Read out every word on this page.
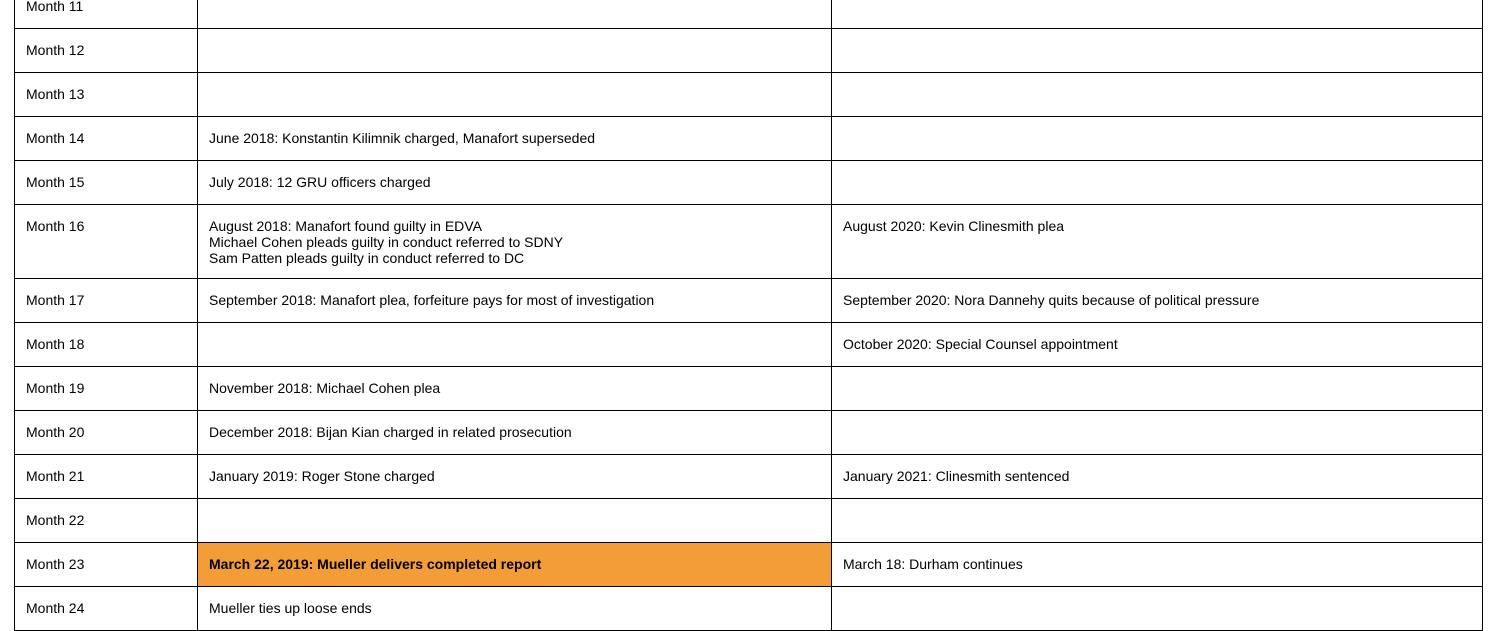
Month 11		
Month 12		
Month 13		
Month 14	June 2018: Konstantin Kilimnik charged, Manafort superseded	
Month 15	July 2018: 12 GRU officers charged	
Month 16	August 2018: Manafort found guilty in EDVA
Michael Cohen pleads guilty in conduct referred to SDNY
Sam Patten pleads guilty in conduct referred to DC	August 2020: Kevin Clinesmith plea
Month 17	September 2018: Manafort plea, forfeiture pays for most of investigation	September 2020: Nora Dannehy quits because of political pressure
Month 18		October 2020: Special Counsel appointment
Month 19	November 2018: Michael Cohen plea	
Month 20	December 2018: Bijan Kian charged in related prosecution	
Month 21	January 2019: Roger Stone charged	January 2021: Clinesmith sentenced
Month 22		
Month 23	March 22, 2019: Mueller delivers completed report	March 18: Durham continues
Month 24	Mueller ties up loose ends	
